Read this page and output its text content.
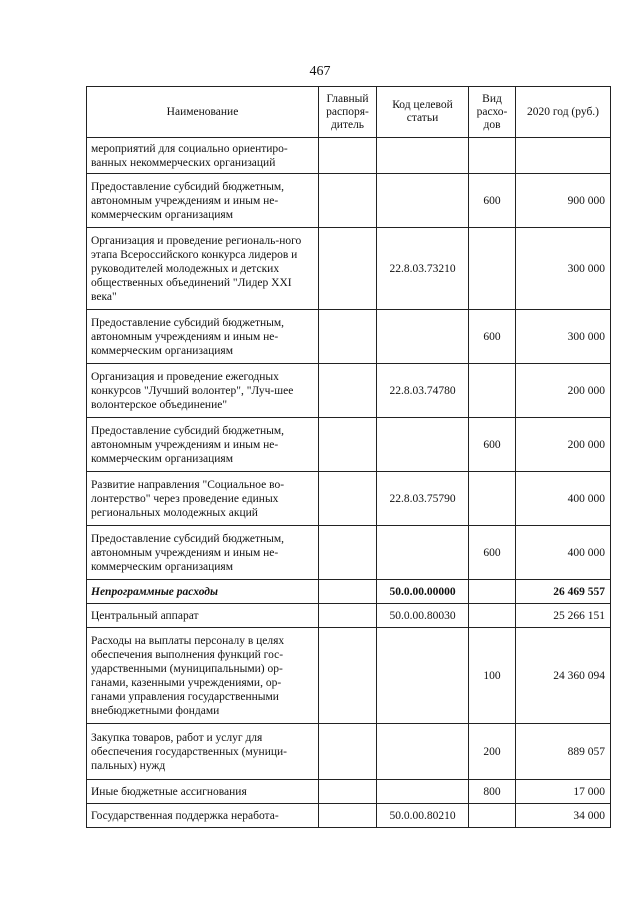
467
Наименование	Главный распоря-дитель	Код целевой статьи	Вид расхо-дов	2020 год (руб.)
мероприятий для социально ориентиро-ванных некоммерческих организаций				
Предоставление субсидий бюджетным, автономным учреждениям и иным не-коммерческим организациям			600	900 000
Организация и проведение региональ-ного этапа Всероссийского конкурса лидеров и руководителей молодежных и детских общественных объединений "Лидер XXI века"		22.8.03.73210		300 000
Предоставление субсидий бюджетным, автономным учреждениям и иным не-коммерческим организациям			600	300 000
Организация и проведение ежегодных конкурсов "Лучший волонтер", "Луч-шее волонтерское объединение"		22.8.03.74780		200 000
Предоставление субсидий бюджетным, автономным учреждениям и иным не-коммерческим организациям			600	200 000
Развитие направления "Социальное во-лонтерство" через проведение единых региональных молодежных акций		22.8.03.75790		400 000
Предоставление субсидий бюджетным, автономным учреждениям и иным не-коммерческим организациям			600	400 000
Непрограммные расходы		50.0.00.00000		26 469 557
Центральный аппарат		50.0.00.80030		25 266 151
Расходы на выплаты персоналу в целях обеспечения выполнения функций гос-ударственными (муниципальными) ор-ганами, казенными учреждениями, ор-ганами управления государственными внебюджетными фондами			100	24 360 094
Закупка товаров, работ и услуг для обеспечения государственных (муници-пальных) нужд			200	889 057
Иные бюджетные ассигнования			800	17 000
Государственная поддержка неработа-		50.0.00.80210		34 000
